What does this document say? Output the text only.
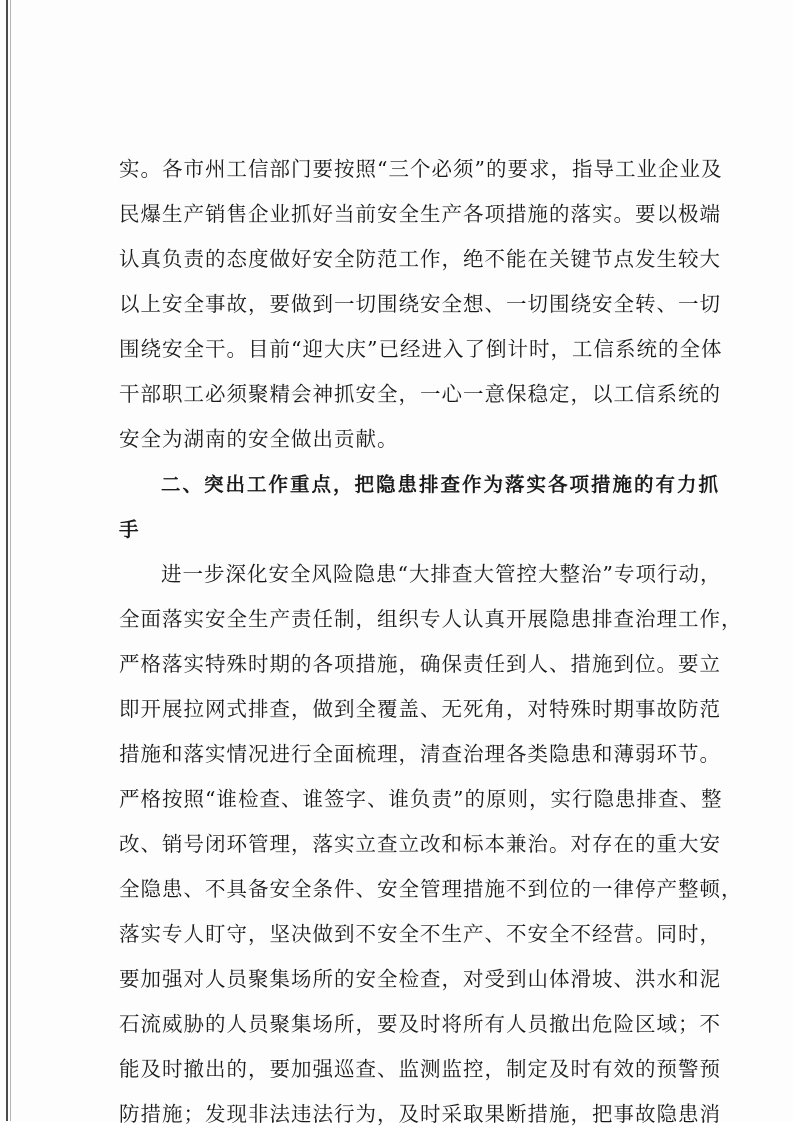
实。各市州工信部门要按照“三个必须”的要求，指导工业企业及
民爆生产销售企业抓好当前安全生产各项措施的落实。要以极端
认真负责的态度做好安全防范工作，绝不能在关键节点发生较大
以上安全事故，要做到一切围绕安全想、一切围绕安全转、一切
围绕安全干。目前“迎大庆”已经进入了倒计时，工信系统的全体
干部职工必须聚精会神抓安全，一心一意保稳定，以工信系统的
安全为湖南的安全做出贡献。
二、突出工作重点，把隐患排查作为落实各项措施的有力抓
手
进一步深化安全风险隐患“大排查大管控大整治”专项行动，
全面落实安全生产责任制，组织专人认真开展隐患排查治理工作，
严格落实特殊时期的各项措施，确保责任到人、措施到位。要立
即开展拉网式排查，做到全覆盖、无死角，对特殊时期事故防范
措施和落实情况进行全面梳理，清查治理各类隐患和薄弱环节。
严格按照“谁检查、谁签字、谁负责”的原则，实行隐患排查、整
改、销号闭环管理，落实立查立改和标本兼治。对存在的重大安
全隐患、不具备安全条件、安全管理措施不到位的一律停产整顿，
落实专人盯守，坚决做到不安全不生产、不安全不经营。同时，
要加强对人员聚集场所的安全检查，对受到山体滑坡、洪水和泥
石流威胁的人员聚集场所，要及时将所有人员撤出危险区域；不
能及时撤出的，要加强巡查、监测监控，制定及时有效的预警预
防措施；发现非法违法行为，及时采取果断措施，把事故隐患消
